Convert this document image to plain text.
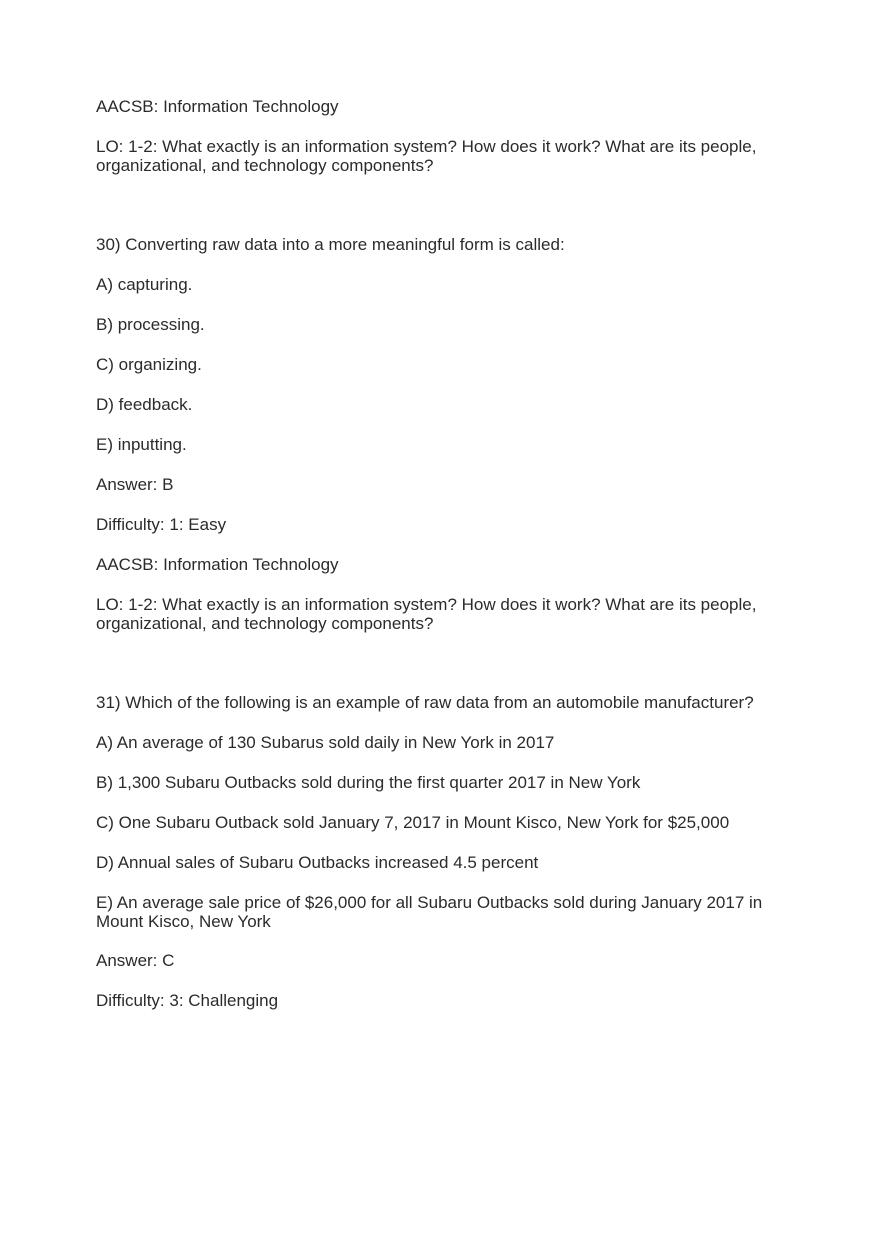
AACSB: Information Technology

LO: 1-2: What exactly is an information system? How does it work? What are its people, organizational, and technology components?

30) Converting raw data into a more meaningful form is called:

A) capturing.

B) processing.

C) organizing.

D) feedback.

E) inputting.

Answer: B

Difficulty: 1: Easy

AACSB: Information Technology

LO: 1-2: What exactly is an information system? How does it work? What are its people, organizational, and technology components?

31) Which of the following is an example of raw data from an automobile manufacturer?

A) An average of 130 Subarus sold daily in New York in 2017

B) 1,300 Subaru Outbacks sold during the first quarter 2017 in New York

C) One Subaru Outback sold January 7, 2017 in Mount Kisco, New York for $25,000

D) Annual sales of Subaru Outbacks increased 4.5 percent

E) An average sale price of $26,000 for all Subaru Outbacks sold during January 2017 in Mount Kisco, New York

Answer: C

Difficulty: 3: Challenging
